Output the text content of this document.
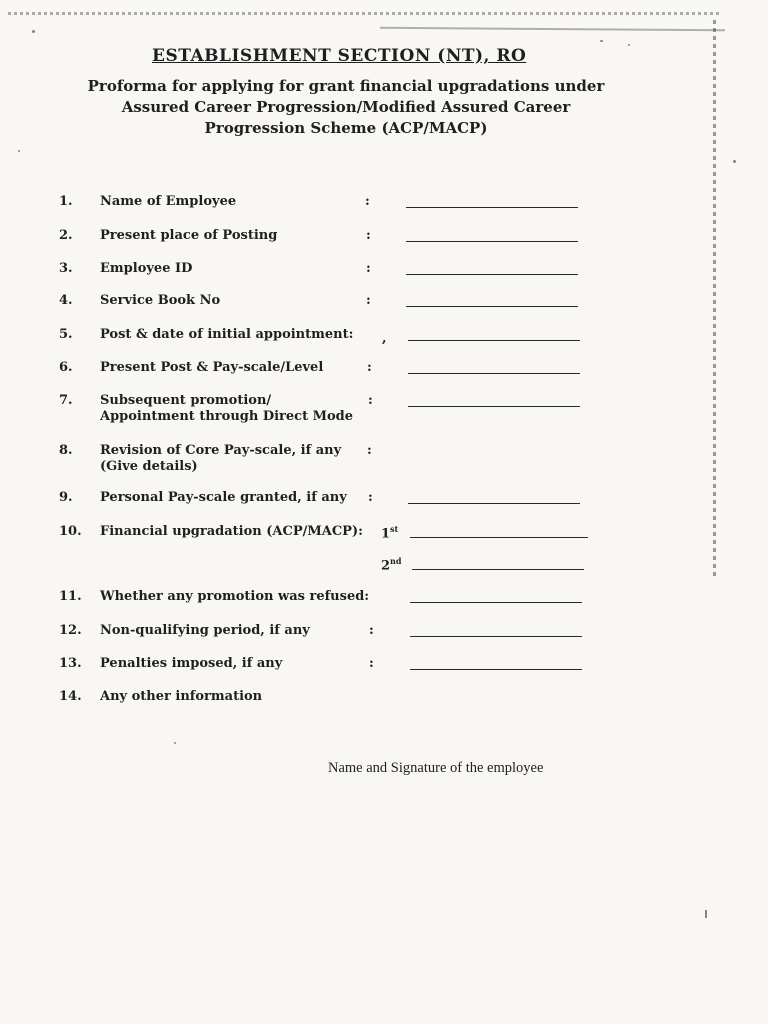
ESTABLISHMENT SECTION (NT), RO
Proforma for applying for grant financial upgradations under
Assured Career Progression/Modified Assured Career
Progression Scheme (ACP/MACP)
1. Name of Employee	:
2. Present place of Posting	:
3. Employee ID	:
4. Service Book No	:
5. Post & date of initial appointment: ,
6. Present Post & Pay-scale/Level	:
7. Subsequent promotion/
Appointment through Direct Mode
:
8. Revision of Core Pay-scale, if any
(Give details)
:
9. Personal Pay-scale granted, if any :
10. Financial upgradation (ACP/MACP): 1st
2nd
11. Whether any promotion was refused:
12. Non-qualifying period, if any	:
13. Penalties imposed, if any	:
14. Any other information
Name and Signature of the employee
